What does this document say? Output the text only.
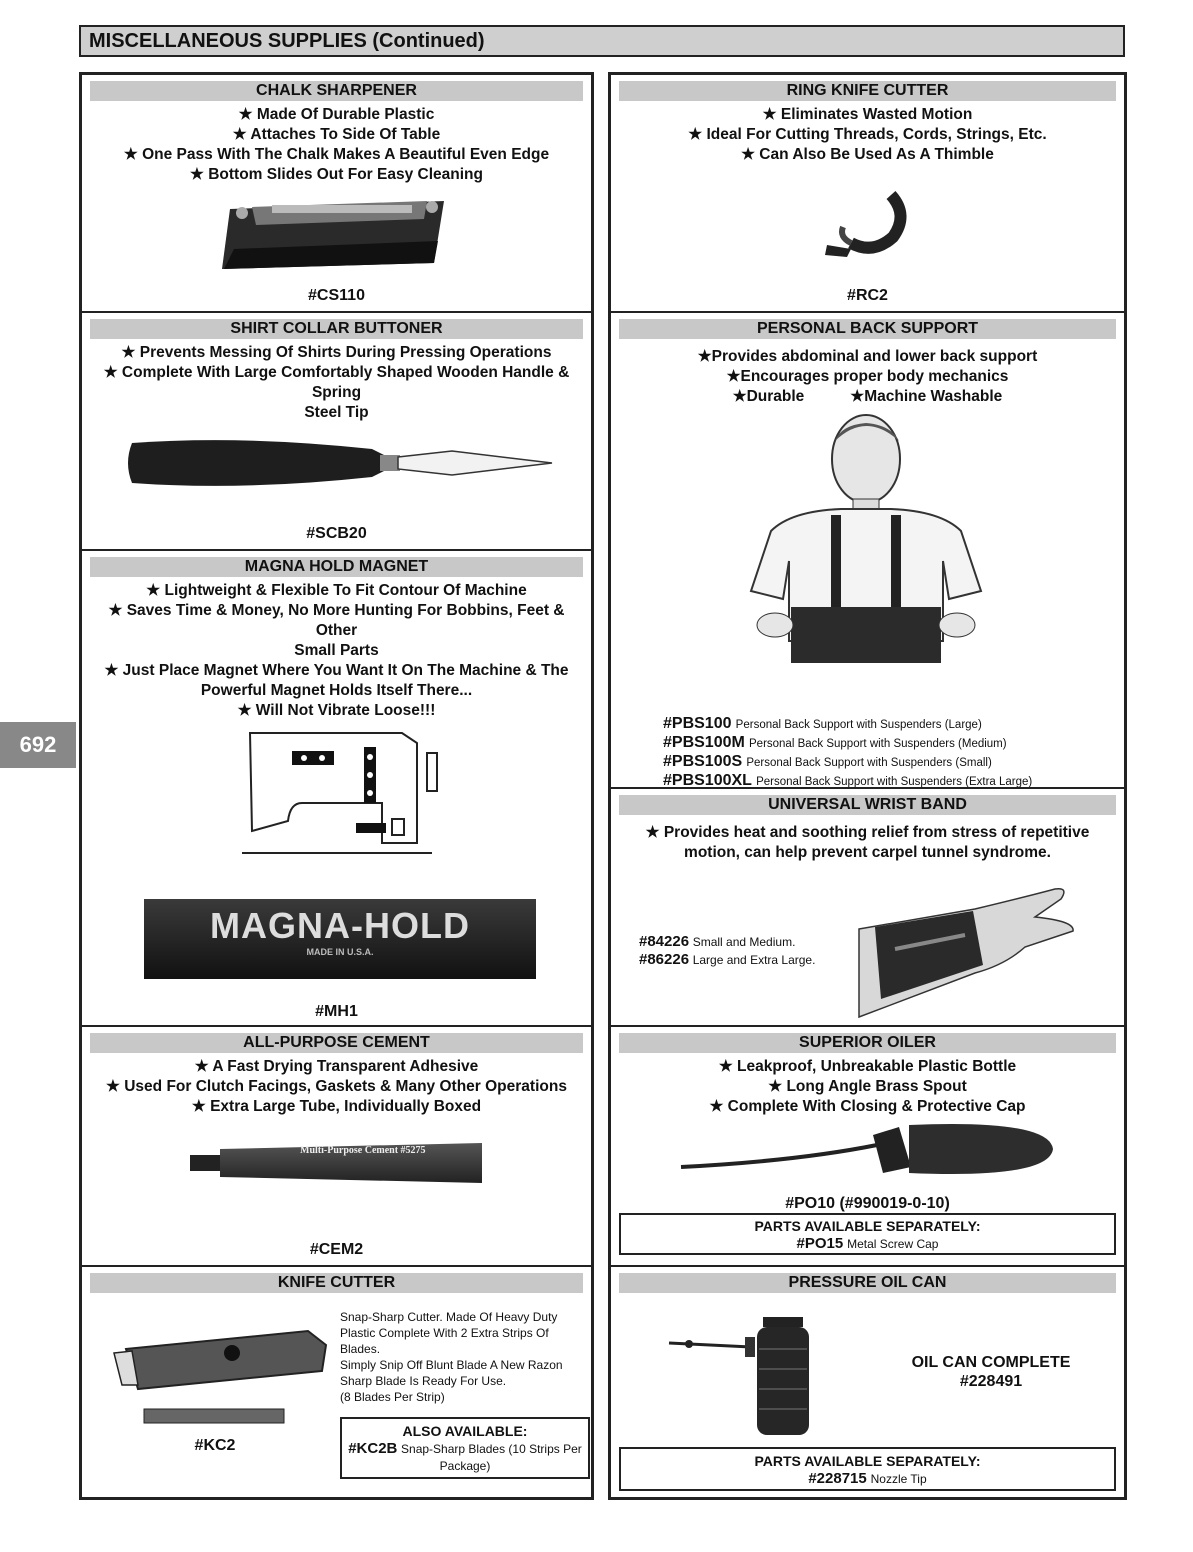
MISCELLANEOUS SUPPLIES (Continued)
692
CHALK SHARPENER
★ Made Of Durable Plastic
★ Attaches To Side Of Table
★ One Pass With The Chalk Makes A Beautiful Even Edge
★ Bottom Slides Out For Easy Cleaning
#CS110
SHIRT COLLAR BUTTONER
★ Prevents Messing Of Shirts During Pressing Operations
★ Complete With Large Comfortably Shaped Wooden Handle & Spring
Steel Tip
#SCB20
MAGNA HOLD MAGNET
★ Lightweight & Flexible To Fit Contour Of Machine
★ Saves Time & Money, No More Hunting For Bobbins, Feet & Other
Small Parts
★ Just Place Magnet Where You Want It On The Machine & The
Powerful Magnet Holds Itself There...
★ Will Not Vibrate Loose!!!
MAGNA-HOLD
MADE IN U.S.A.
#MH1
ALL-PURPOSE CEMENT
★ A Fast Drying Transparent Adhesive
★ Used For Clutch Facings, Gaskets & Many Other Operations
★ Extra Large Tube, Individually Boxed
Multi-Purpose Cement #5275
#CEM2
KNIFE CUTTER
Snap-Sharp Cutter. Made Of Heavy Duty
Plastic Complete With 2 Extra Strips Of Blades.
Simply Snip Off Blunt Blade A New Razon
Sharp Blade Is Ready For Use.
(8 Blades Per Strip)
#KC2
ALSO AVAILABLE:
#KC2B Snap-Sharp Blades (10 Strips Per
Package)
RING KNIFE CUTTER
★ Eliminates Wasted Motion
★ Ideal For Cutting Threads, Cords, Strings, Etc.
★ Can Also Be Used As A Thimble
#RC2
PERSONAL BACK SUPPORT
★Provides abdominal and lower back support
★Encourages proper body mechanics
★Durable	★Machine Washable
#PBS100 Personal Back Support with Suspenders (Large)
#PBS100M Personal Back Support with Suspenders (Medium)
#PBS100S Personal Back Support with Suspenders (Small)
#PBS100XL Personal Back Support with Suspenders (Extra Large)
UNIVERSAL WRIST BAND
★ Provides heat and soothing relief from stress of repetitive
motion, can help prevent carpel tunnel syndrome.
#84226 Small and Medium.
#86226 Large and Extra Large.
SUPERIOR OILER
★ Leakproof, Unbreakable Plastic Bottle
★ Long Angle Brass Spout
★ Complete With Closing & Protective Cap
#PO10 (#990019-0-10)
PARTS AVAILABLE SEPARATELY:
#PO15 Metal Screw Cap
PRESSURE OIL CAN
OIL CAN COMPLETE
#228491
PARTS AVAILABLE SEPARATELY:
#228715 Nozzle Tip
